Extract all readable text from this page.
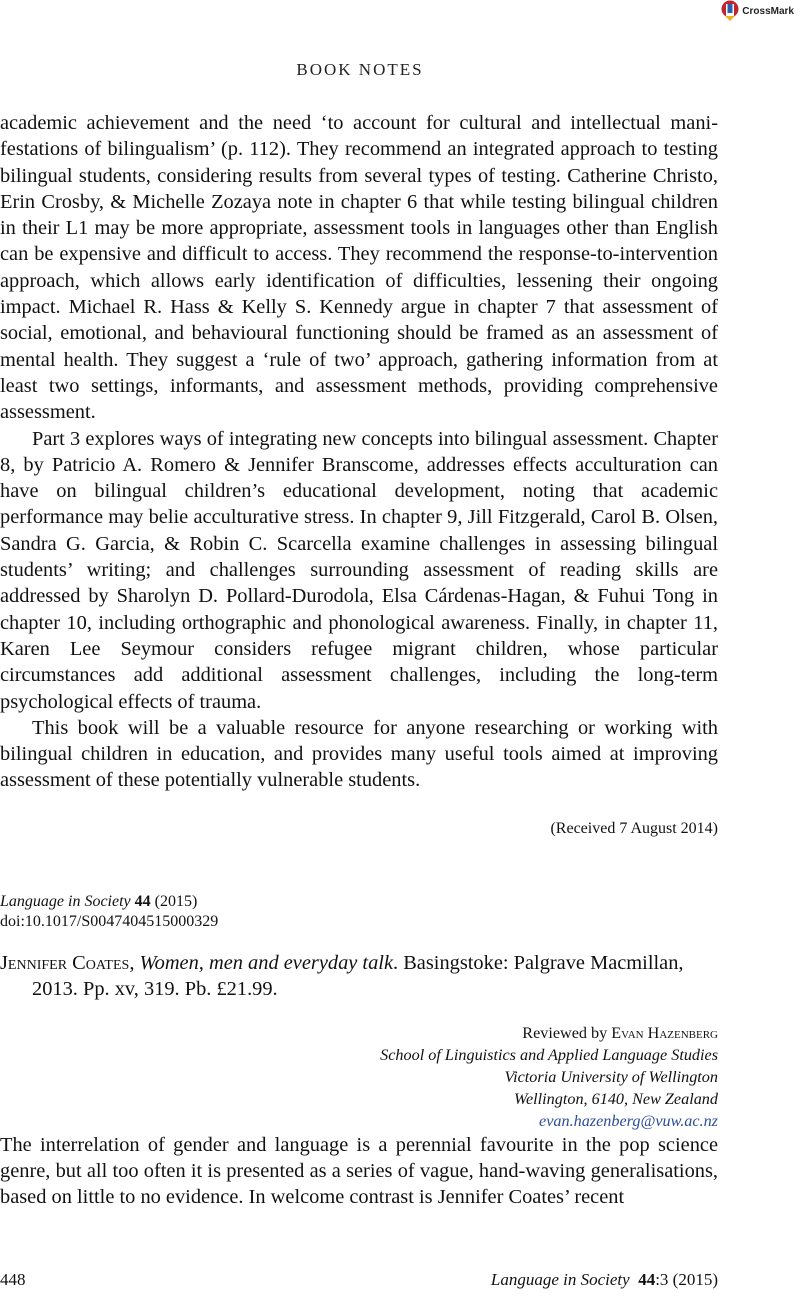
CrossMark
BOOK NOTES

academic achievement and the need ‘to account for cultural and intellectual manifestations of bilingualism’ (p. 112). They recommend an integrated approach to testing bilingual students, considering results from several types of testing. Catherine Christo, Erin Crosby, & Michelle Zozaya note in chapter 6 that while testing bilingual children in their L1 may be more appropriate, assessment tools in languages other than English can be expensive and difficult to access. They recommend the response-to-intervention approach, which allows early identification of difficulties, lessening their ongoing impact. Michael R. Hass & Kelly S. Kennedy argue in chapter 7 that assessment of social, emotional, and behavioural functioning should be framed as an assessment of mental health. They suggest a ‘rule of two’ approach, gathering information from at least two settings, informants, and assessment methods, providing comprehensive assessment.

Part 3 explores ways of integrating new concepts into bilingual assessment. Chapter 8, by Patricio A. Romero & Jennifer Branscome, addresses effects acculturation can have on bilingual children’s educational development, noting that academic performance may belie acculturative stress. In chapter 9, Jill Fitzgerald, Carol B. Olsen, Sandra G. Garcia, & Robin C. Scarcella examine challenges in assessing bilingual students’ writing; and challenges surrounding assessment of reading skills are addressed by Sharolyn D. Pollard-Durodola, Elsa Cárdenas-Hagan, & Fuhui Tong in chapter 10, including orthographic and phonological awareness. Finally, in chapter 11, Karen Lee Seymour considers refugee migrant children, whose particular circumstances add additional assessment challenges, including the long-term psychological effects of trauma.

This book will be a valuable resource for anyone researching or working with bilingual children in education, and provides many useful tools aimed at improving assessment of these potentially vulnerable students.

(Received 7 August 2014)
Language in Society 44 (2015)
doi:10.1017/S0047404515000329
Jennifer Coates, Women, men and everyday talk. Basingstoke: Palgrave Macmillan, 2013. Pp. xv, 319. Pb. £21.99.
Reviewed by Evan Hazenberg
School of Linguistics and Applied Language Studies
Victoria University of Wellington
Wellington, 6140, New Zealand
evan.hazenberg@vuw.ac.nz

The interrelation of gender and language is a perennial favourite in the pop science genre, but all too often it is presented as a series of vague, hand-waving generalisations, based on little to no evidence. In welcome contrast is Jennifer Coates’ recent

448	Language in Society 44:3 (2015)
